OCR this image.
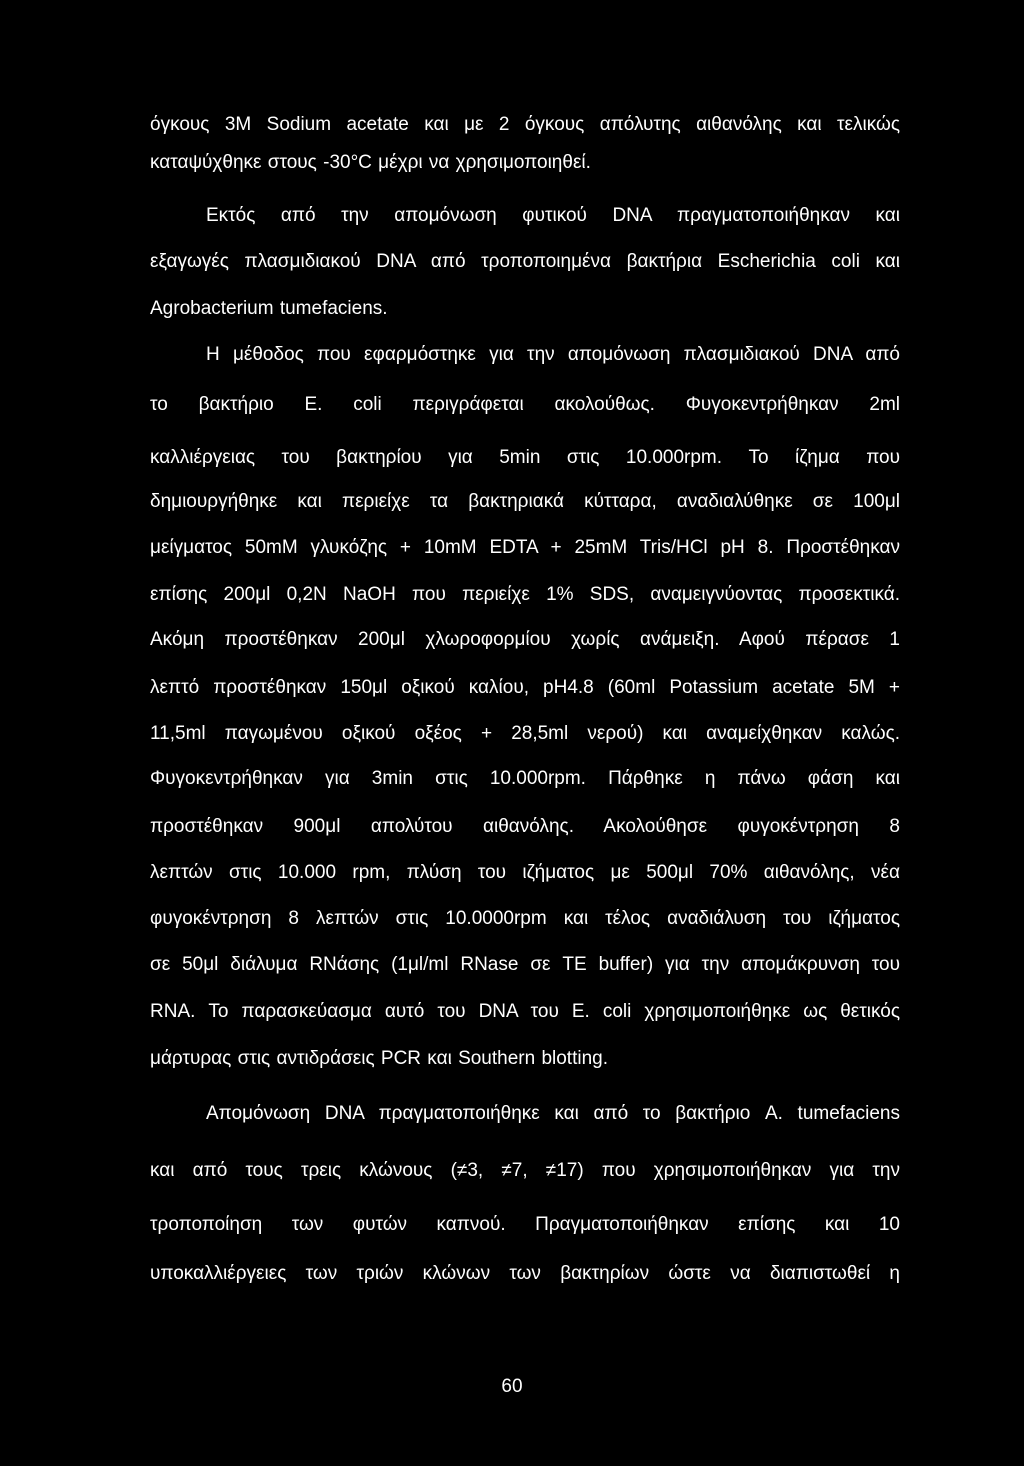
όγκους 3M Sodium acetate και με 2 όγκους απόλυτης αιθανόλης και τελικώς
καταψύχθηκε στους -30°C μέχρι να χρησιμοποιηθεί.
Εκτός από την απομόνωση φυτικού DNA πραγματοποιήθηκαν και
εξαγωγές πλασμιδιακού DNA από τροποποιημένα βακτήρια Escherichia coli και
Agrobacterium tumefaciens.
Η μέθοδος που εφαρμόστηκε για την απομόνωση πλασμιδιακού DNA από
το βακτήριο E. coli περιγράφεται ακολούθως. Φυγοκεντρήθηκαν 2ml
καλλιέργειας του βακτηρίου για 5min στις 10.000rpm. Το ίζημα που
δημιουργήθηκε και περιείχε τα βακτηριακά κύτταρα, αναδιαλύθηκε σε 100μl
μείγματος 50mM γλυκόζης + 10mM EDTA + 25mM Tris/HCl pH 8. Προστέθηκαν
επίσης 200μl 0,2N NaOH που περιείχε 1% SDS, αναμειγνύοντας προσεκτικά.
Ακόμη προστέθηκαν 200μl χλωροφορμίου χωρίς ανάμειξη. Αφού πέρασε 1
λεπτό προστέθηκαν 150μl οξικού καλίου, pH4.8 (60ml Potassium acetate 5M +
11,5ml παγωμένου οξικού οξέος + 28,5ml νερού) και αναμείχθηκαν καλώς.
Φυγοκεντρήθηκαν για 3min στις 10.000rpm. Πάρθηκε η πάνω φάση και
προστέθηκαν 900μl απολύτου αιθανόλης. Ακολούθησε φυγοκέντρηση 8
λεπτών στις 10.000 rpm, πλύση του ιζήματος με 500μl 70% αιθανόλης, νέα
φυγοκέντρηση 8 λεπτών στις 10.0000rpm και τέλος αναδιάλυση του ιζήματος
σε 50μl διάλυμα RNάσης (1μl/ml RNase σε TE buffer) για την απομάκρυνση του
RNA. Το παρασκεύασμα αυτό του DNA του E. coli χρησιμοποιήθηκε ως θετικός
μάρτυρας στις αντιδράσεις PCR και Southern blotting.
Απομόνωση DNA πραγματοποιήθηκε και από το βακτήριο A. tumefaciens
και από τους τρεις κλώνους (≠3, ≠7, ≠17) που χρησιμοποιήθηκαν για την
τροποποίηση των φυτών καπνού. Πραγματοποιήθηκαν επίσης και 10
υποκαλλιέργειες των τριών κλώνων των βακτηρίων ώστε να διαπιστωθεί η
60
